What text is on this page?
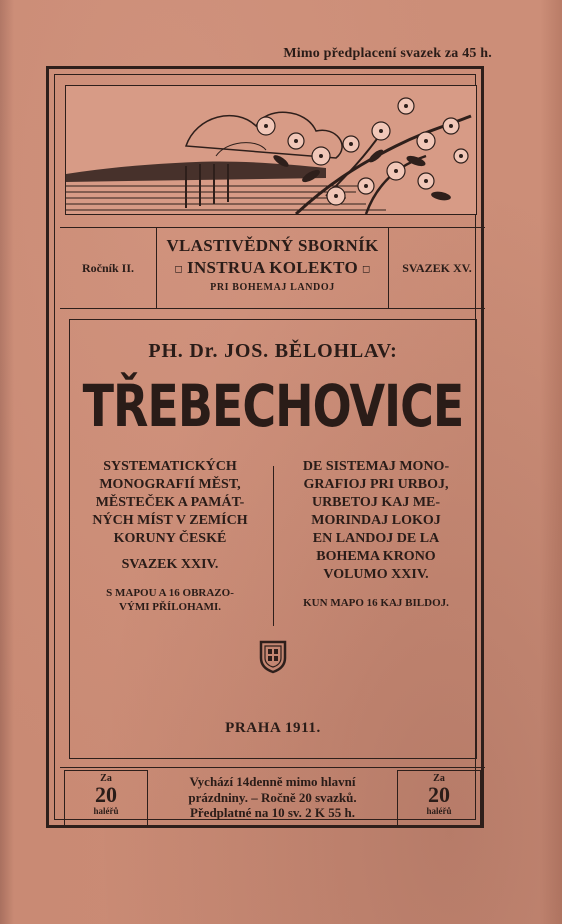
Mimo předplacení svazek za 45 h.
Ročník II.
VLASTIVĚDNÝ SBORNÍK
◻ INSTRUA KOLEKTO ◻
PRI BOHEMAJ LANDOJ
SVAZEK XV.
PH. Dr. JOS. BĚLOHLAV:
TŘEBECHOVICE
SYSTEMATICKÝCH
MONOGRAFIÍ MĚST,
MĚSTEČEK A PAMÁT-
NÝCH MÍST V ZEMÍCH
KORUNY ČESKÉ
SVAZEK XXIV.
S MAPOU A 16 OBRAZO-
VÝMI PŘÍLOHAMI.
DE SISTEMAJ MONO-
GRAFIOJ PRI URBOJ,
URBETOJ KAJ ME-
MORINDAJ LOKOJ
EN LANDOJ DE LA
BOHEMA KRONO
VOLUMO XXIV.
KUN MAPO 16 KAJ BILDOJ.
PRAHA 1911.
Za
20
haléřů
Vychází 14denně mimo hlavní
prázdniny. – Ročně 20 svazků.
Předplatné na 10 sv. 2 K 55 h.
Za
20
haléřů
